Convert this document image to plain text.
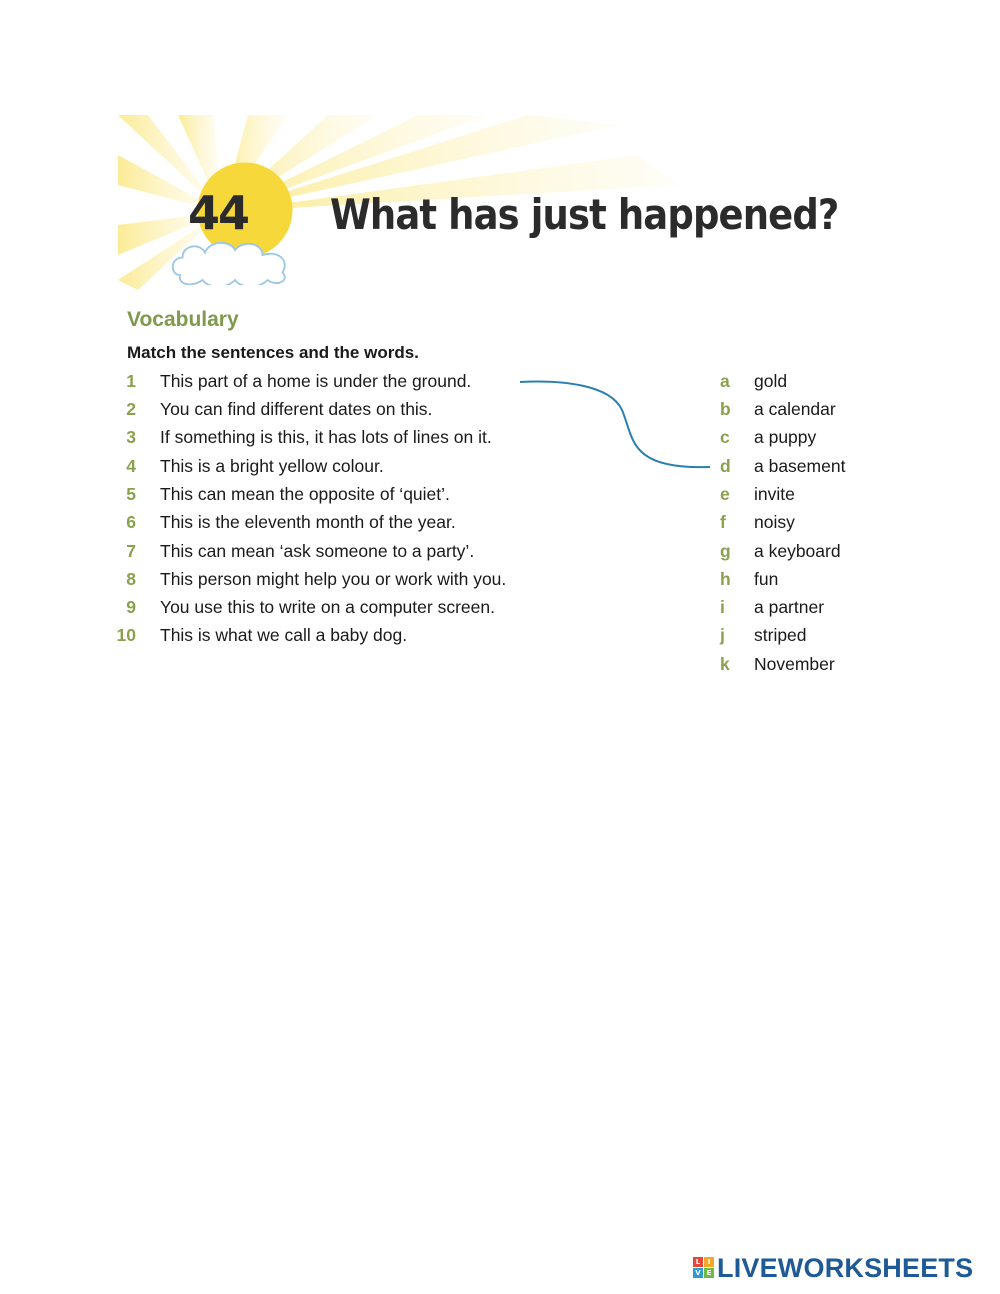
44	What has just happened?
Vocabulary
Match the sentences and the words.
1 This part of a home is under the ground.
2 You can find different dates on this.
3 If something is this, it has lots of lines on it.
4 This is a bright yellow colour.
5 This can mean the opposite of ‘quiet’.
6 This is the eleventh month of the year.
7 This can mean ‘ask someone to a party’.
8 This person might help you or work with you.
9 You use this to write on a computer screen.
10 This is what we call a baby dog.
a gold
b a calendar
c a puppy
d a basement
e invite
f noisy
g a keyboard
h fun
i a partner
j striped
k November
L	I
V E LIVEWORKSHEETS
